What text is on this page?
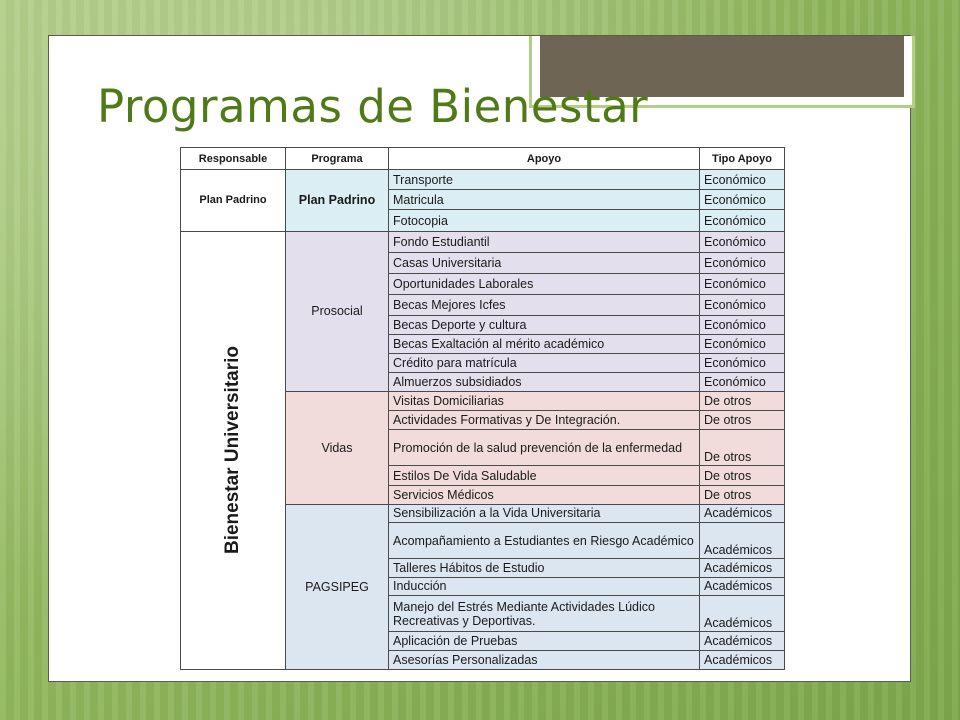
Programas de Bienestar
Responsable	Programa	Apoyo	Tipo Apoyo
Plan Padrino	Plan Padrino	Transporte	Económico
		Matricula	Económico
		Fotocopia	Económico

Bienestar Universitario	Prosocial	Fondo Estudiantil	Económico
		Casas Universitaria	Económico
		Oportunidades Laborales	Económico
		Becas Mejores Icfes	Económico
		Becas Deporte y cultura	Económico
		Becas Exaltación al mérito académico	Económico
		Crédito para matrícula	Económico
		Almuerzos subsidiados	Económico
	Vidas	Visitas Domiciliarias	De otros
		Actividades Formativas y De Integración.	De otros
		Promoción de la salud prevención de la enfermedad	De otros
		Estilos De Vida Saludable	De otros
		Servicios Médicos	De otros
	PAGSIPEG	Sensibilización a la Vida Universitaria	Académicos
		Acompañamiento a Estudiantes en Riesgo Académico	Académicos
		Talleres Hábitos de Estudio	Académicos
		Inducción	Académicos
		Manejo del Estrés Mediante Actividades Lúdico Recreativas y Deportivas.	Académicos
		Aplicación de Pruebas	Académicos
		Asesorías Personalizadas	Académicos
